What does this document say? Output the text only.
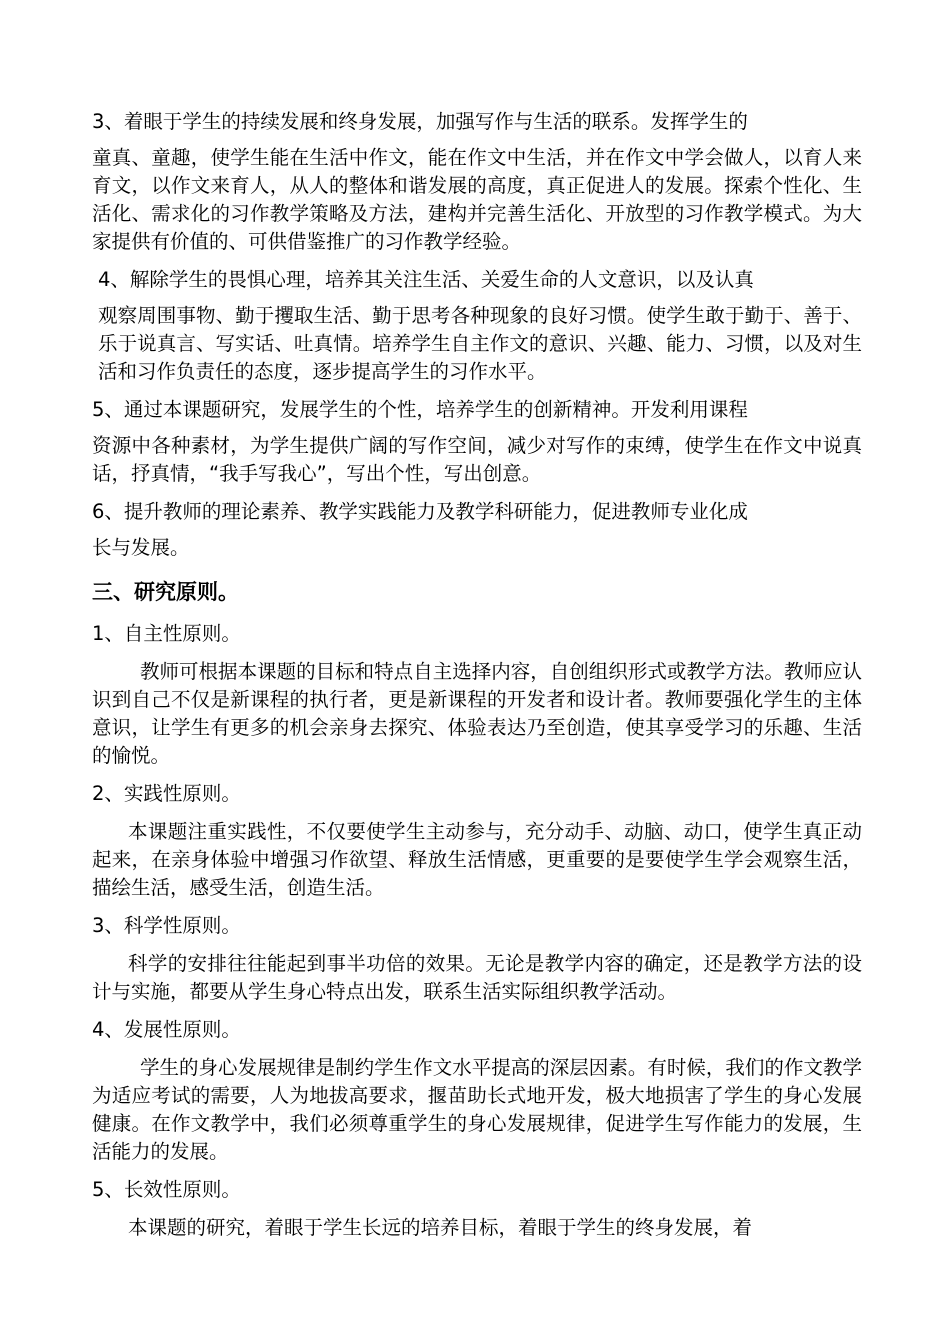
3、着眼于学生的持续发展和终身发展，加强写作与生活的联系。发挥学生的
童真、童趣，使学生能在生活中作文，能在作文中生活，并在作文中学会做人，以育人来育文，以作文来育人，从人的整体和谐发展的高度，真正促进人的发展。探索个性化、生活化、需求化的习作教学策略及方法，建构并完善生活化、开放型的习作教学模式。为大家提供有价值的、可供借鉴推广的习作教学经验。

4、解除学生的畏惧心理，培养其关注生活、关爱生命的人文意识，以及认真
观察周围事物、勤于攫取生活、勤于思考各种现象的良好习惯。使学生敢于勤于、善于、乐于说真言、写实话、吐真情。培养学生自主作文的意识、兴趣、能力、习惯，以及对生活和习作负责任的态度，逐步提高学生的习作水平。

5、通过本课题研究，发展学生的个性，培养学生的创新精神。开发利用课程
资源中各种素材，为学生提供广阔的写作空间，减少对写作的束缚，使学生在作文中说真话，抒真情，“我手写我心”，写出个性，写出创意。

6、提升教师的理论素养、教学实践能力及教学科研能力，促进教师专业化成
长与发展。

三、研究原则。

1、自主性原则。

教师可根据本课题的目标和特点自主选择内容，自创组织形式或教学方法。教师应认识到自己不仅是新课程的执行者，更是新课程的开发者和设计者。教师要强化学生的主体意识，让学生有更多的机会亲身去探究、体验表达乃至创造，使其享受学习的乐趣、生活的愉悦。

2、实践性原则。

本课题注重实践性，不仅要使学生主动参与，充分动手、动脑、动口，使学生真正动起来，在亲身体验中增强习作欲望、释放生活情感，更重要的是要使学生学会观察生活，描绘生活，感受生活，创造生活。

3、科学性原则。

科学的安排往往能起到事半功倍的效果。无论是教学内容的确定，还是教学方法的设计与实施，都要从学生身心特点出发，联系生活实际组织教学活动。

4、发展性原则。

学生的身心发展规律是制约学生作文水平提高的深层因素。有时候，我们的作文教学为适应考试的需要，人为地拔高要求，揠苗助长式地开发，极大地损害了学生的身心发展健康。在作文教学中，我们必须尊重学生的身心发展规律，促进学生写作能力的发展，生活能力的发展。

5、长效性原则。

本课题的研究，着眼于学生长远的培养目标，着眼于学生的终身发展，着
